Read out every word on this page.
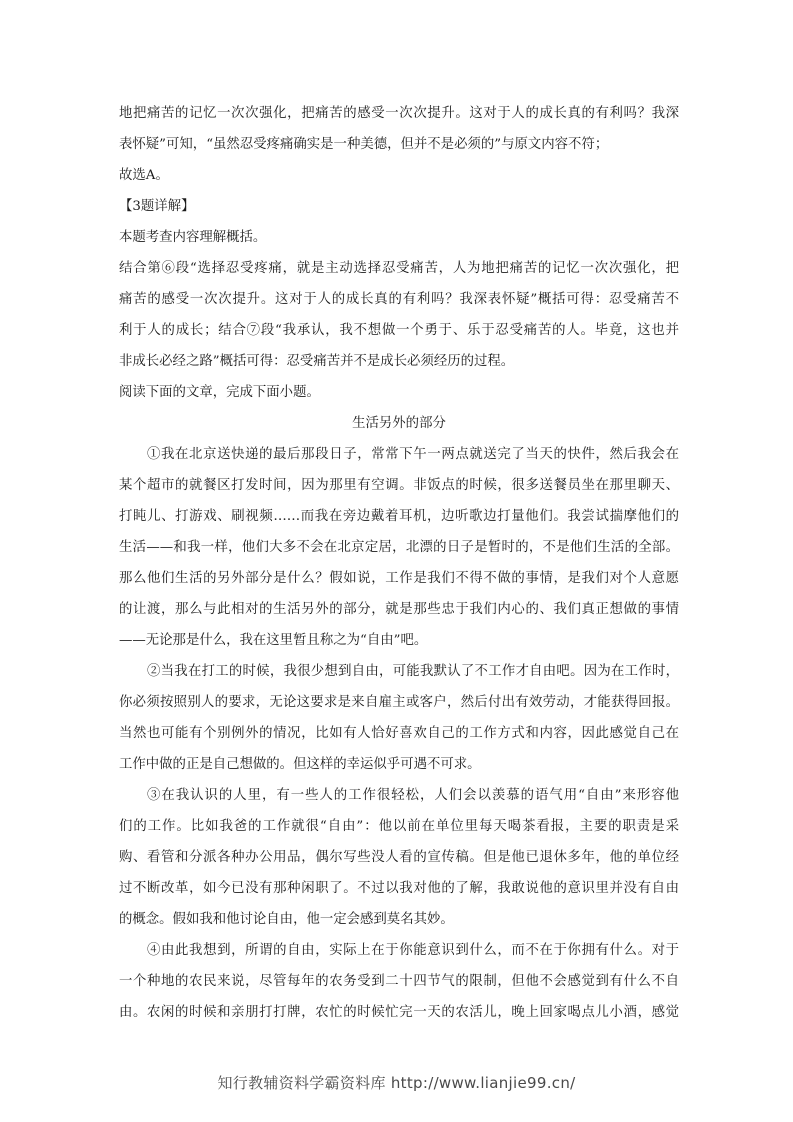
地把痛苦的记忆一次次强化，把痛苦的感受一次次提升。这对于人的成长真的有利吗？我深
表怀疑”可知，“虽然忍受疼痛确实是一种美德，但并不是必须的”与原文内容不符；
故选A。
【3题详解】
本题考查内容理解概括。
结合第⑥段“选择忍受疼痛，就是主动选择忍受痛苦，人为地把痛苦的记忆一次次强化，把
痛苦的感受一次次提升。这对于人的成长真的有利吗？我深表怀疑”概括可得：忍受痛苦不
利于人的成长；结合⑦段“我承认，我不想做一个勇于、乐于忍受痛苦的人。毕竟，这也并
非成长必经之路”概括可得：忍受痛苦并不是成长必须经历的过程。
阅读下面的文章，完成下面小题。
生活另外的部分
①我在北京送快递的最后那段日子，常常下午一两点就送完了当天的快件，然后我会在
某个超市的就餐区打发时间，因为那里有空调。非饭点的时候，很多送餐员坐在那里聊天、
打盹儿、打游戏、刷视频……而我在旁边戴着耳机，边听歌边打量他们。我尝试揣摩他们的
生活——和我一样，他们大多不会在北京定居，北漂的日子是暂时的，不是他们生活的全部。
那么他们生活的另外部分是什么？假如说，工作是我们不得不做的事情，是我们对个人意愿
的让渡，那么与此相对的生活另外的部分，就是那些忠于我们内心的、我们真正想做的事情
——无论那是什么，我在这里暂且称之为“自由”吧。
②当我在打工的时候，我很少想到自由，可能我默认了不工作才自由吧。因为在工作时，
你必须按照别人的要求，无论这要求是来自雇主或客户，然后付出有效劳动，才能获得回报。
当然也可能有个别例外的情况，比如有人恰好喜欢自己的工作方式和内容，因此感觉自己在
工作中做的正是自己想做的。但这样的幸运似乎可遇不可求。
③在我认识的人里，有一些人的工作很轻松，人们会以羡慕的语气用“自由”来形容他
们的工作。比如我爸的工作就很“自由”：他以前在单位里每天喝茶看报，主要的职责是采
购、看管和分派各种办公用品，偶尔写些没人看的宣传稿。但是他已退休多年，他的单位经
过不断改革，如今已没有那种闲职了。不过以我对他的了解，我敢说他的意识里并没有自由
的概念。假如我和他讨论自由，他一定会感到莫名其妙。
④由此我想到，所谓的自由，实际上在于你能意识到什么，而不在于你拥有什么。对于
一个种地的农民来说，尽管每年的农务受到二十四节气的限制，但他不会感觉到有什么不自
由。农闲的时候和亲朋打打牌，农忙的时候忙完一天的农活儿，晚上回家喝点儿小酒，感觉
知行教辅资料学霸资料库 http://www.lianjie99.cn/
